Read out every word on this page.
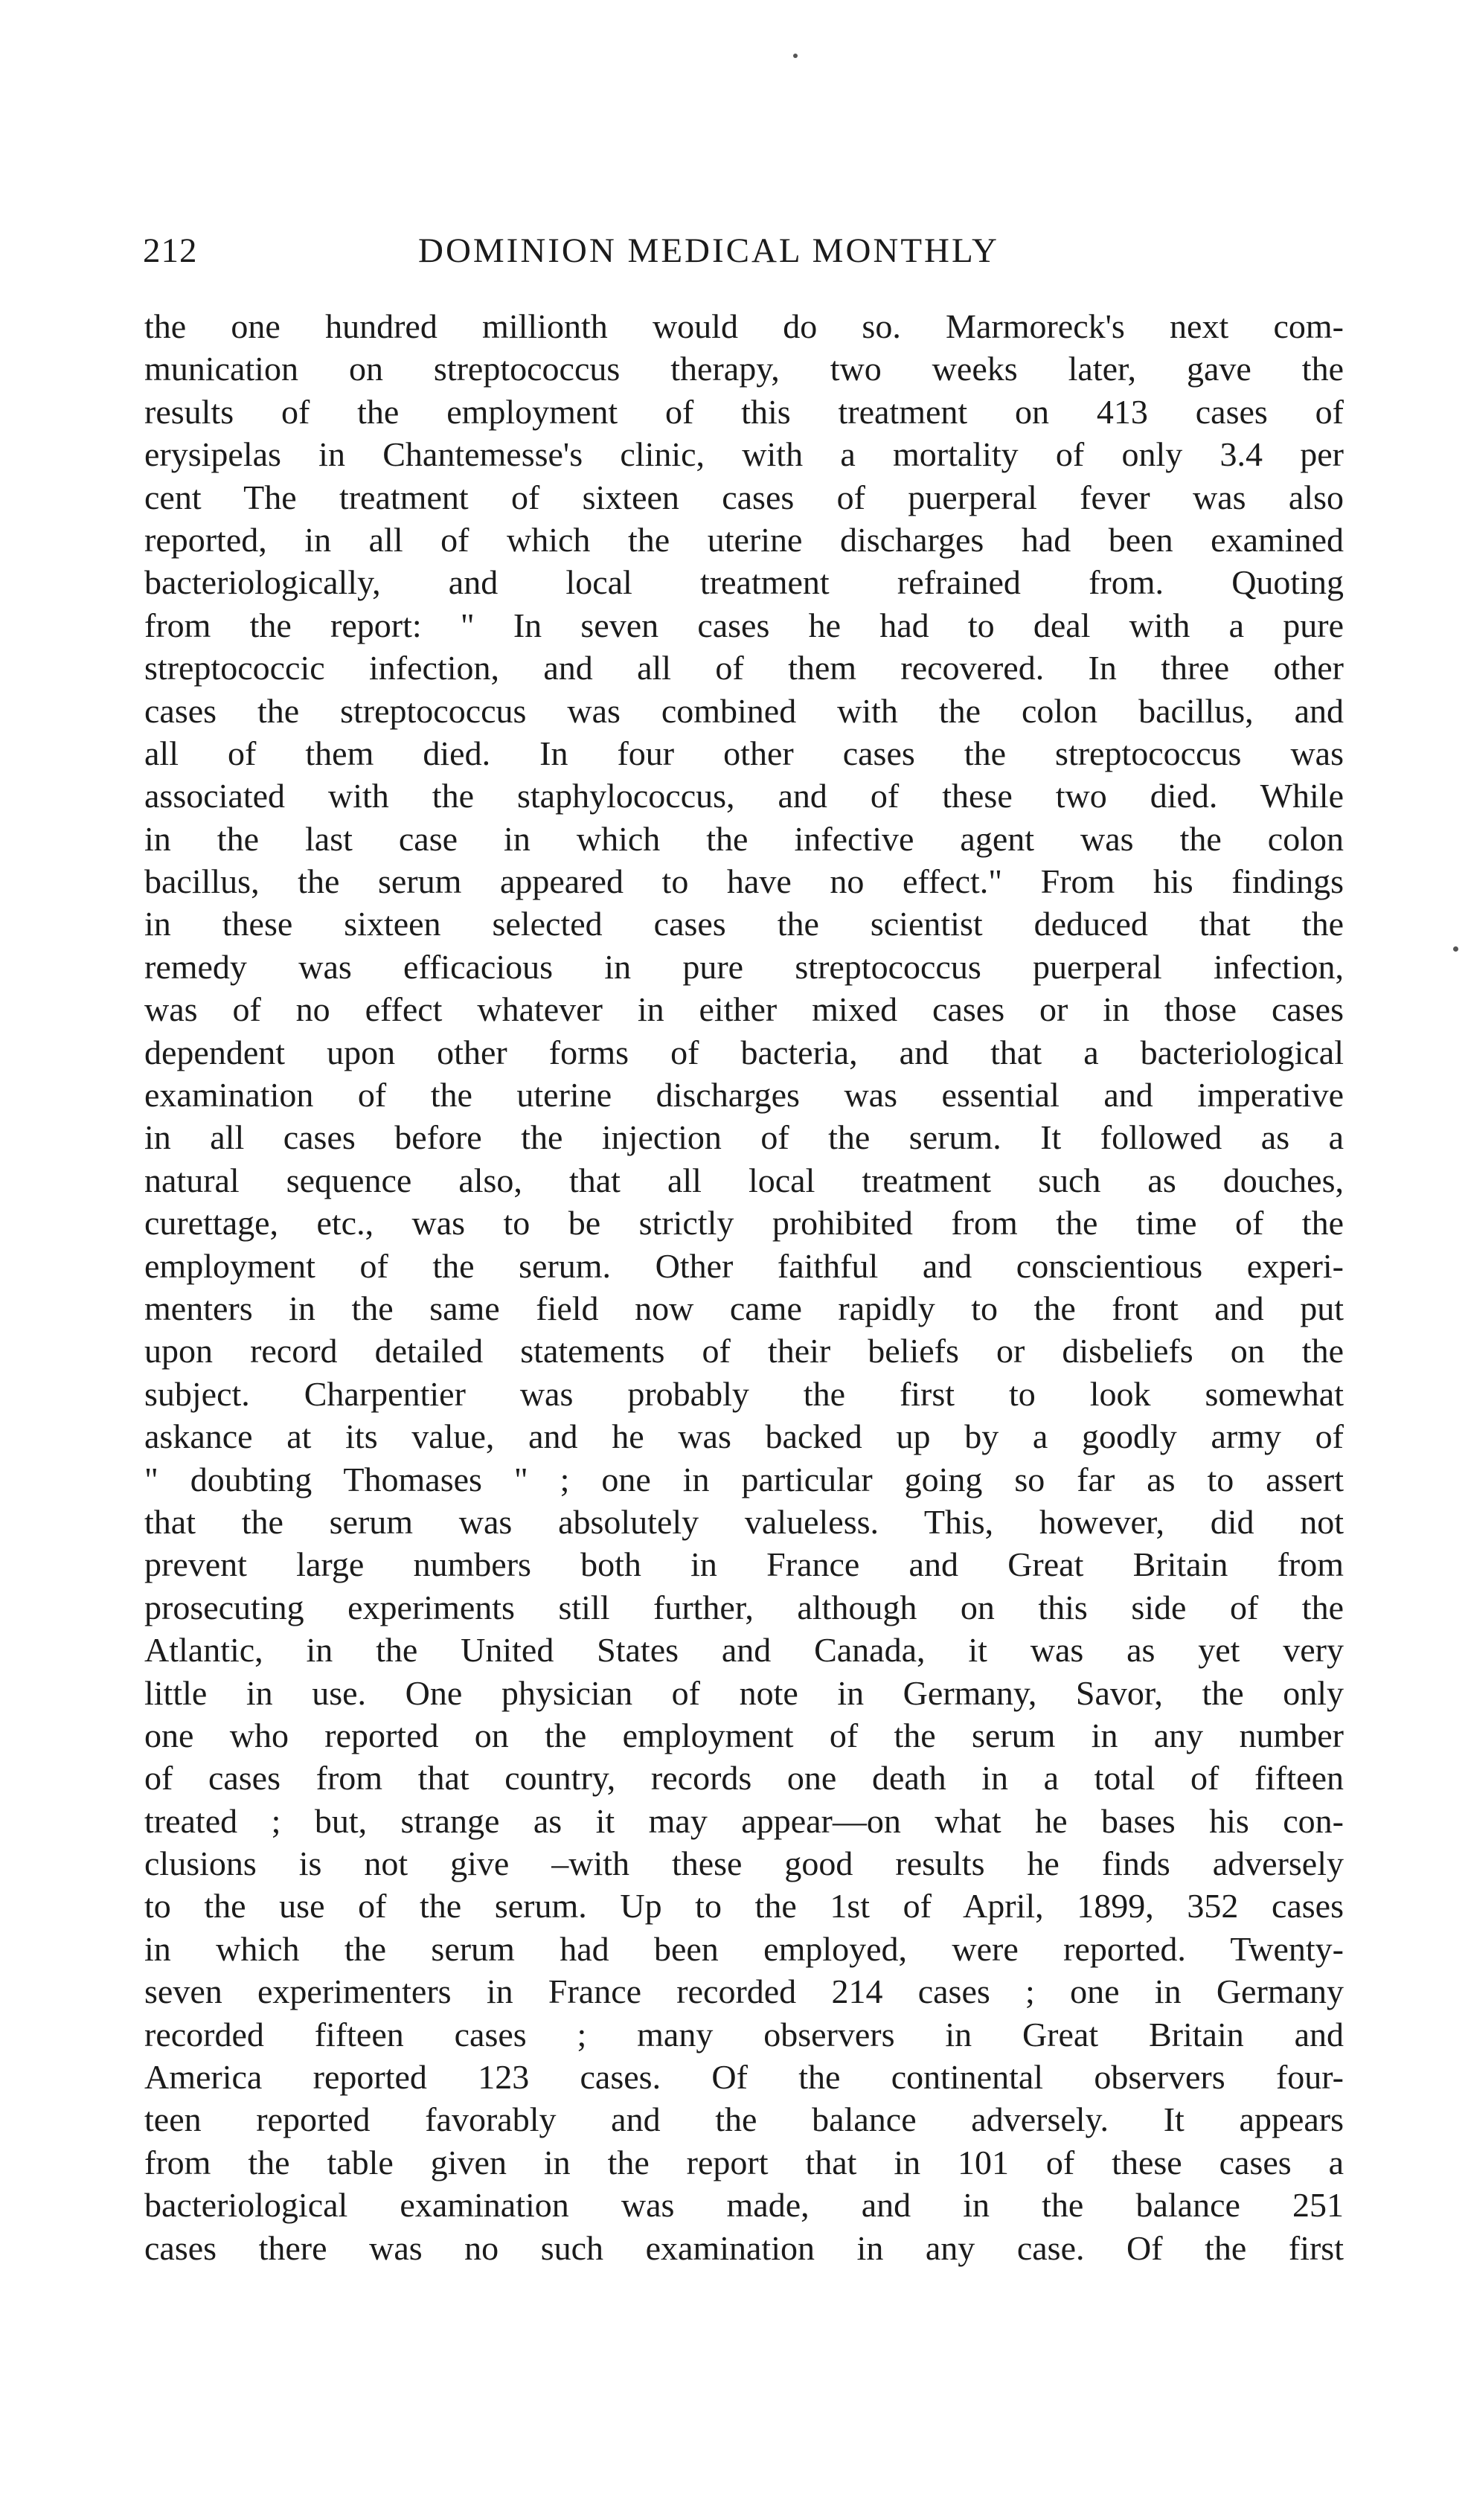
212	DOMINION MEDICAL MONTHLY
the one hundred millionth would do so. Marmoreck's next com-
munication on streptococcus therapy, two weeks later, gave the
results of the employment of this treatment on 413 cases of
erysipelas in Chantemesse's clinic, with a mortality of only 3.4 per
cent The treatment of sixteen cases of puerperal fever was also
reported, in all of which the uterine discharges had been examined
bacteriologically, and local treatment refrained from. Quoting
from the report: " In seven cases he had to deal with a pure
streptococcic infection, and all of them recovered. In three other
cases the streptococcus was combined with the colon bacillus, and
all of them died. In four other cases the streptococcus was
associated with the staphylococcus, and of these two died. While
in the last case in which the infective agent was the colon
bacillus, the serum appeared to have no effect." From his findings
in these sixteen selected cases the scientist deduced that the
remedy was efficacious in pure streptococcus puerperal infection,
was of no effect whatever in either mixed cases or in those cases
dependent upon other forms of bacteria, and that a bacteriological
examination of the uterine discharges was essential and imperative
in all cases before the injection of the serum. It followed as a
natural sequence also, that all local treatment such as douches,
curettage, etc., was to be strictly prohibited from the time of the
employment of the serum. Other faithful and conscientious experi-
menters in the same field now came rapidly to the front and put
upon record detailed statements of their beliefs or disbeliefs on the
subject. Charpentier was probably the first to look somewhat
askance at its value, and he was backed up by a goodly army of
" doubting Thomases " ; one in particular going so far as to assert
that the serum was absolutely valueless. This, however, did not
prevent large numbers both in France and Great Britain from
prosecuting experiments still further, although on this side of the
Atlantic, in the United States and Canada, it was as yet very
little in use. One physician of note in Germany, Savor, the only
one who reported on the employment of the serum in any number
of cases from that country, records one death in a total of fifteen
treated ; but, strange as it may appear—on what he bases his con-
clusions is not give –with these good results he finds adversely
to the use of the serum. Up to the 1st of April, 1899, 352 cases
in which the serum had been employed, were reported. Twenty-
seven experimenters in France recorded 214 cases ; one in Germany
recorded fifteen cases ; many observers in Great Britain and
America reported 123 cases. Of the continental observers four-
teen reported favorably and the balance adversely. It appears
from the table given in the report that in 101 of these cases a
bacteriological examination was made, and in the balance 251
cases there was no such examination in any case. Of the first
